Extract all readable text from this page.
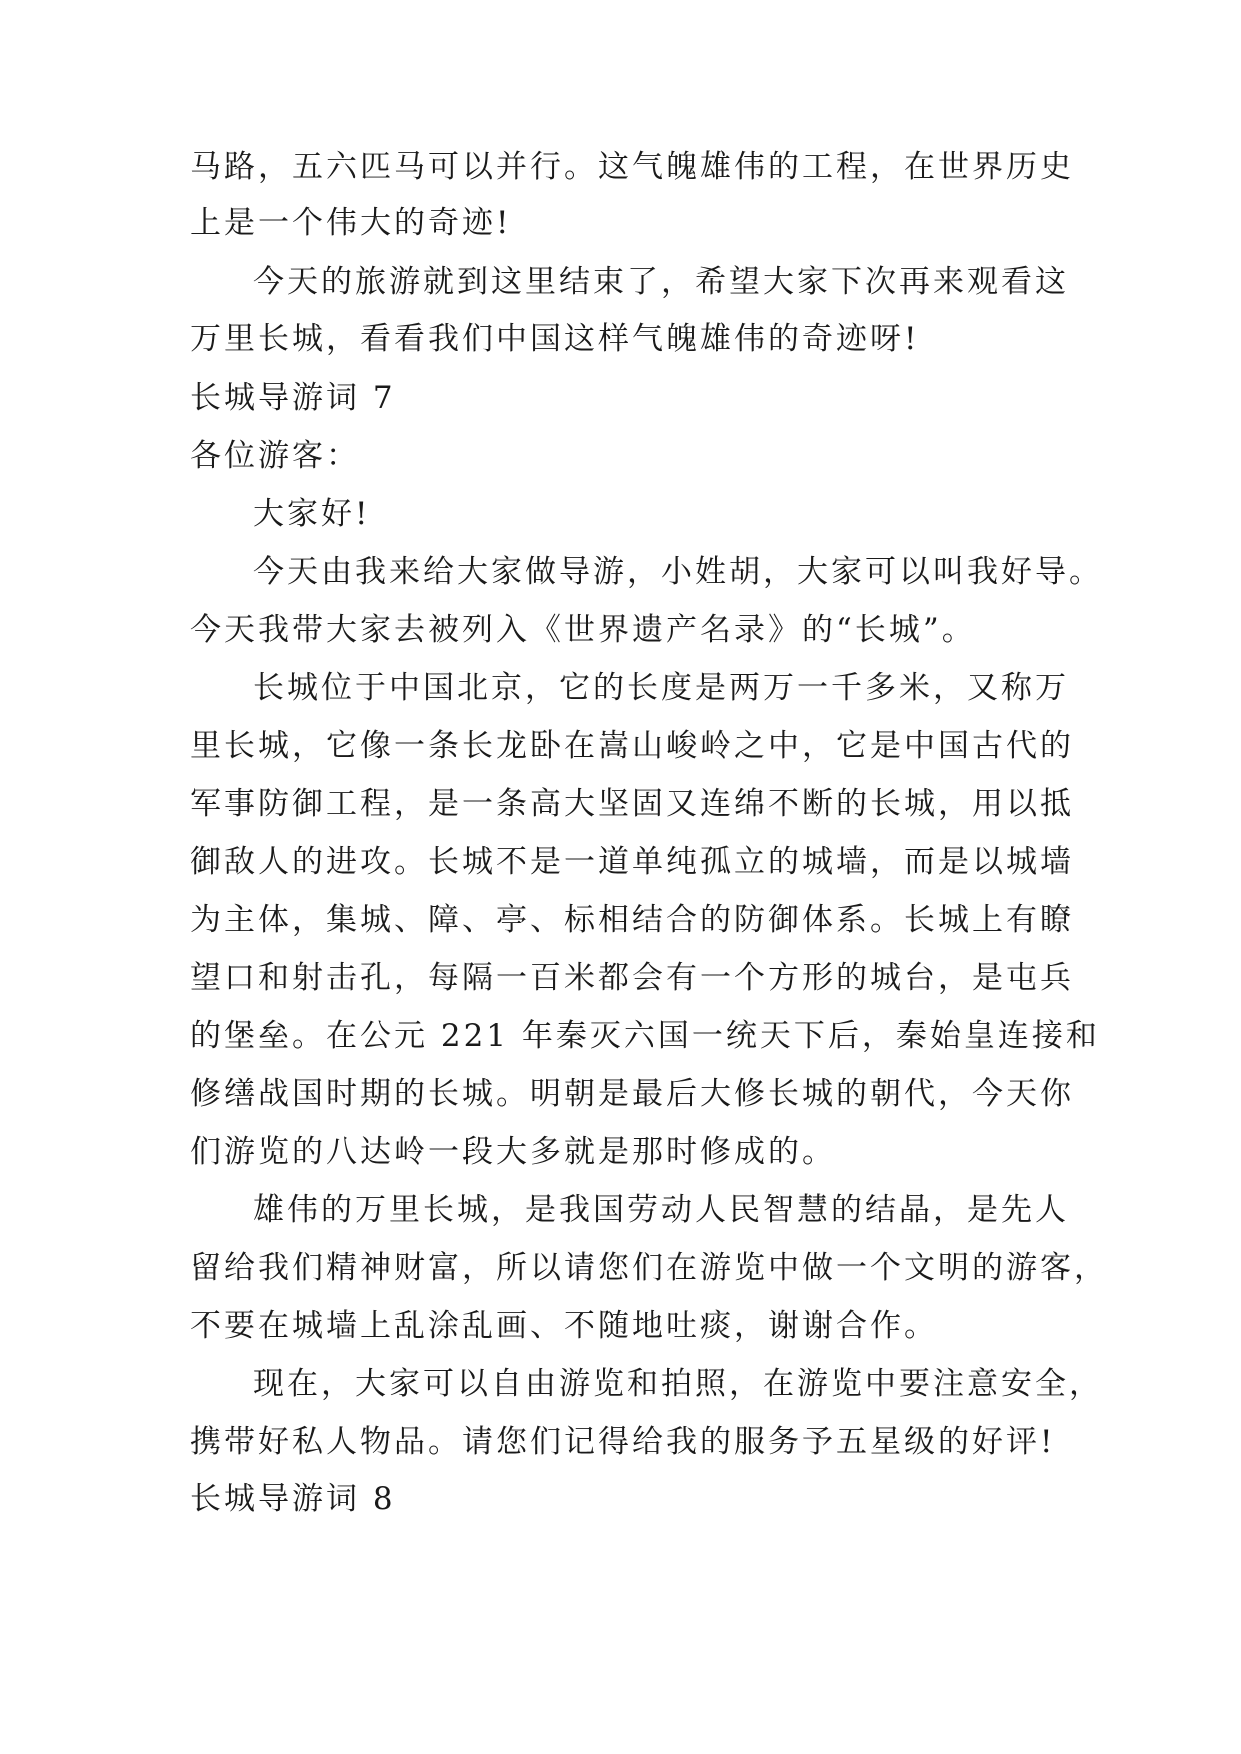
马路，五六匹马可以并行。这气魄雄伟的工程，在世界历史
上是一个伟大的奇迹!
今天的旅游就到这里结束了，希望大家下次再来观看这
万里长城，看看我们中国这样气魄雄伟的奇迹呀!
长城导游词 7
各位游客：
大家好!
今天由我来给大家做导游，小姓胡，大家可以叫我好导。
今天我带大家去被列入《世界遗产名录》的“长城”。
长城位于中国北京，它的长度是两万一千多米，又称万
里长城，它像一条长龙卧在嵩山峻岭之中，它是中国古代的
军事防御工程，是一条高大坚固又连绵不断的长城，用以抵
御敌人的进攻。长城不是一道单纯孤立的城墙，而是以城墙
为主体，集城、障、亭、标相结合的防御体系。长城上有瞭
望口和射击孔，每隔一百米都会有一个方形的城台，是屯兵
的堡垒。在公元 221 年秦灭六国一统天下后，秦始皇连接和
修缮战国时期的长城。明朝是最后大修长城的朝代，今天你
们游览的八达岭一段大多就是那时修成的。
雄伟的万里长城，是我国劳动人民智慧的结晶，是先人
留给我们精神财富，所以请您们在游览中做一个文明的游客，
不要在城墙上乱涂乱画、不随地吐痰，谢谢合作。
现在，大家可以自由游览和拍照，在游览中要注意安全，
携带好私人物品。请您们记得给我的服务予五星级的好评!
长城导游词 8
